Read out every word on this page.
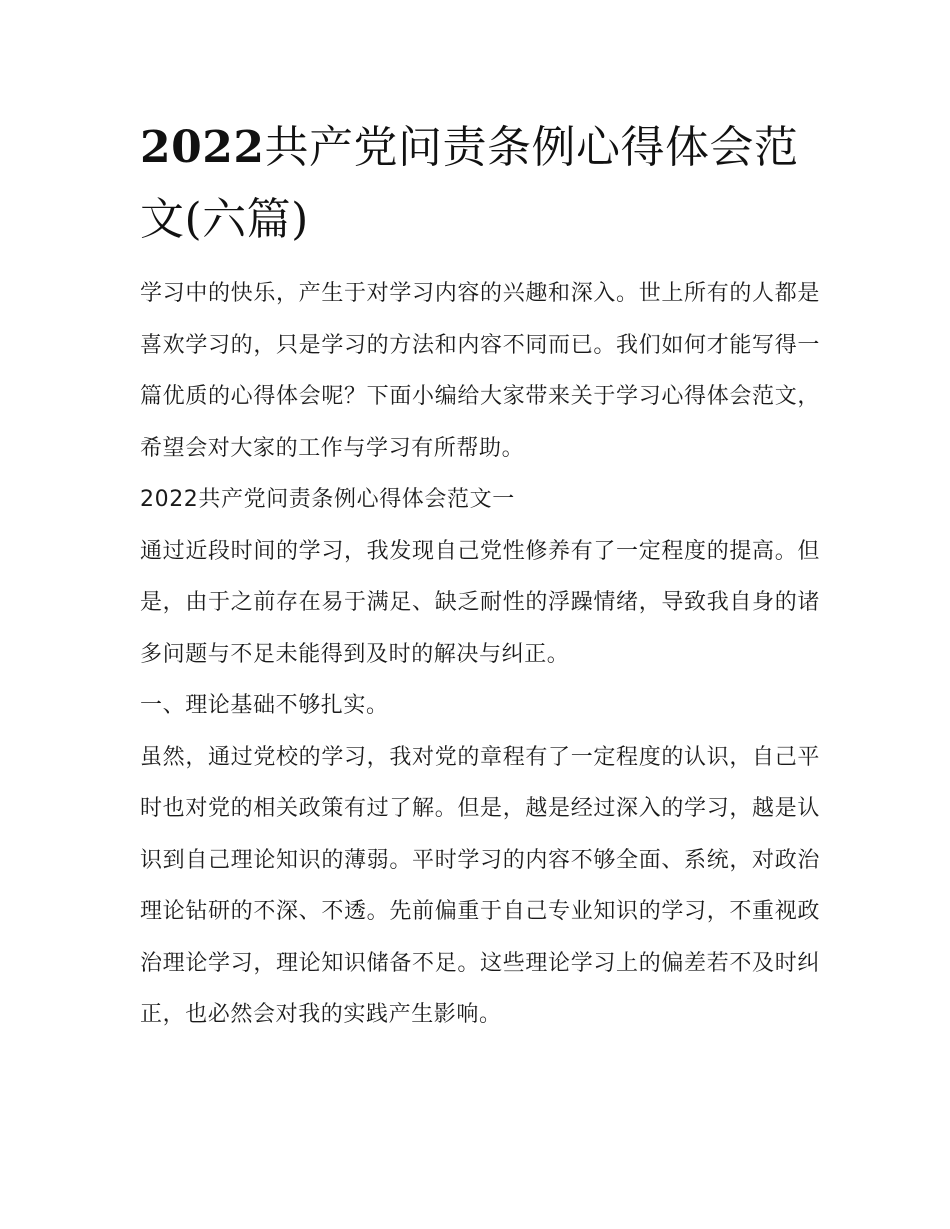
2022共产党问责条例心得体会范文(六篇)

学习中的快乐，产生于对学习内容的兴趣和深入。世上所有的人都是喜欢学习的，只是学习的方法和内容不同而已。我们如何才能写得一篇优质的心得体会呢？下面小编给大家带来关于学习心得体会范文，希望会对大家的工作与学习有所帮助。

2022共产党问责条例心得体会范文一

通过近段时间的学习，我发现自己党性修养有了一定程度的提高。但是，由于之前存在易于满足、缺乏耐性的浮躁情绪，导致我自身的诸多问题与不足未能得到及时的解决与纠正。

一、理论基础不够扎实。

虽然，通过党校的学习，我对党的章程有了一定程度的认识，自己平时也对党的相关政策有过了解。但是，越是经过深入的学习，越是认识到自己理论知识的薄弱。平时学习的内容不够全面、系统，对政治理论钻研的不深、不透。先前偏重于自己专业知识的学习，不重视政治理论学习，理论知识储备不足。这些理论学习上的偏差若不及时纠正，也必然会对我的实践产生影响。
